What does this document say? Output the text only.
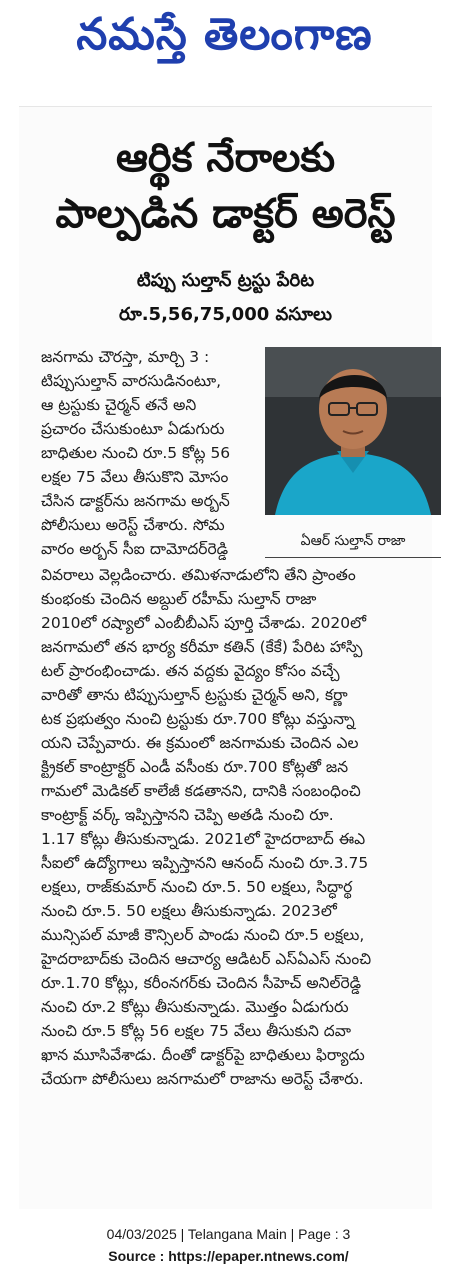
నమస్తే తెలంగాణ
ఆర్థిక నేరాలకు
పాల్పడిన డాక్టర్ అరెస్ట్
టిప్పు సుల్తాన్ ట్రస్టు పేరిట
రూ.5,56,75,000 వసూలు
ఏఆర్ సుల్తాన్ రాజా
జనగామ చౌరస్తా, మార్చి 3 :
టిప్పుసుల్తాన్ వారసుడినంటూ,
ఆ ట్రస్టుకు చైర్మన్ తనే అని
ప్రచారం చేసుకుంటూ ఏడుగురు
బాధితుల నుంచి రూ.5 కోట్ల 56
లక్షల 75 వేలు తీసుకొని మోసం
చేసిన డాక్టర్‌ను జనగామ అర్బన్
పోలీసులు అరెస్ట్ చేశారు. సోమ
వారం అర్బన్ సీఐ దామోదర్‌రెడ్డి
వివరాలు వెల్లడించారు. తమిళనాడులోని తేని ప్రాంతం
కుంభంకు చెందిన అబ్దుల్ రహీమ్ సుల్తాన్ రాజా
2010లో రష్యాలో ఎంబీబీఎస్ పూర్తి చేశాడు. 2020లో
జనగామలో తన భార్య కరీమా కతిన్ (కేకే) పేరిట హాస్పి
టల్ ప్రారంభించాడు. తన వద్దకు వైద్యం కోసం వచ్చే
వారితో తాను టిప్పుసుల్తాన్ ట్రస్టుకు చైర్మన్ అని, కర్ణా
టక ప్రభుత్వం నుంచి ట్రస్టుకు రూ.700 కోట్లు వస్తున్నా
యని చెప్పేవారు. ఈ క్రమంలో జనగామకు చెందిన ఎల
క్ట్రికల్ కాంట్రాక్టర్ ఎండీ వసీంకు రూ.700 కోట్లతో జన
గామలో మెడికల్ కాలేజీ కడతానని, దానికి సంబంధించి
కాంట్రాక్ట్ వర్క్ ఇప్పిస్తానని చెప్పి అతడి నుంచి రూ.
1.17 కోట్లు తీసుకున్నాడు. 2021లో హైదరాబాద్ ఈఎ
సీఐలో ఉద్యోగాలు ఇప్పిస్తానని ఆనంద్ నుంచి రూ.3.75
లక్షలు, రాజ్‌కుమార్ నుంచి రూ.5. 50 లక్షలు, సిద్ధార్థ
నుంచి రూ.5. 50 లక్షలు తీసుకున్నాడు. 2023లో
మున్సిపల్ మాజీ కౌన్సిలర్ పాండు నుంచి రూ.5 లక్షలు,
హైదరాబాద్‌కు చెందిన ఆచార్య ఆడిటర్ ఎస్‌ఏఎస్ నుంచి
రూ.1.70 కోట్లు, కరీంనగర్‌కు చెందిన సీహెచ్ అనిల్‌రెడ్డి
నుంచి రూ.2 కోట్లు తీసుకున్నాడు. మొత్తం ఏడుగురు
నుంచి రూ.5 కోట్ల 56 లక్షల 75 వేలు తీసుకుని దవా
ఖాన మూసివేశాడు. దీంతో డాక్టర్‌పై బాధితులు ఫిర్యాదు
చేయగా పోలీసులు జనగామలో రాజాను అరెస్ట్ చేశారు.
04/03/2025 | Telangana Main | Page : 3
Source : https://epaper.ntnews.com/
